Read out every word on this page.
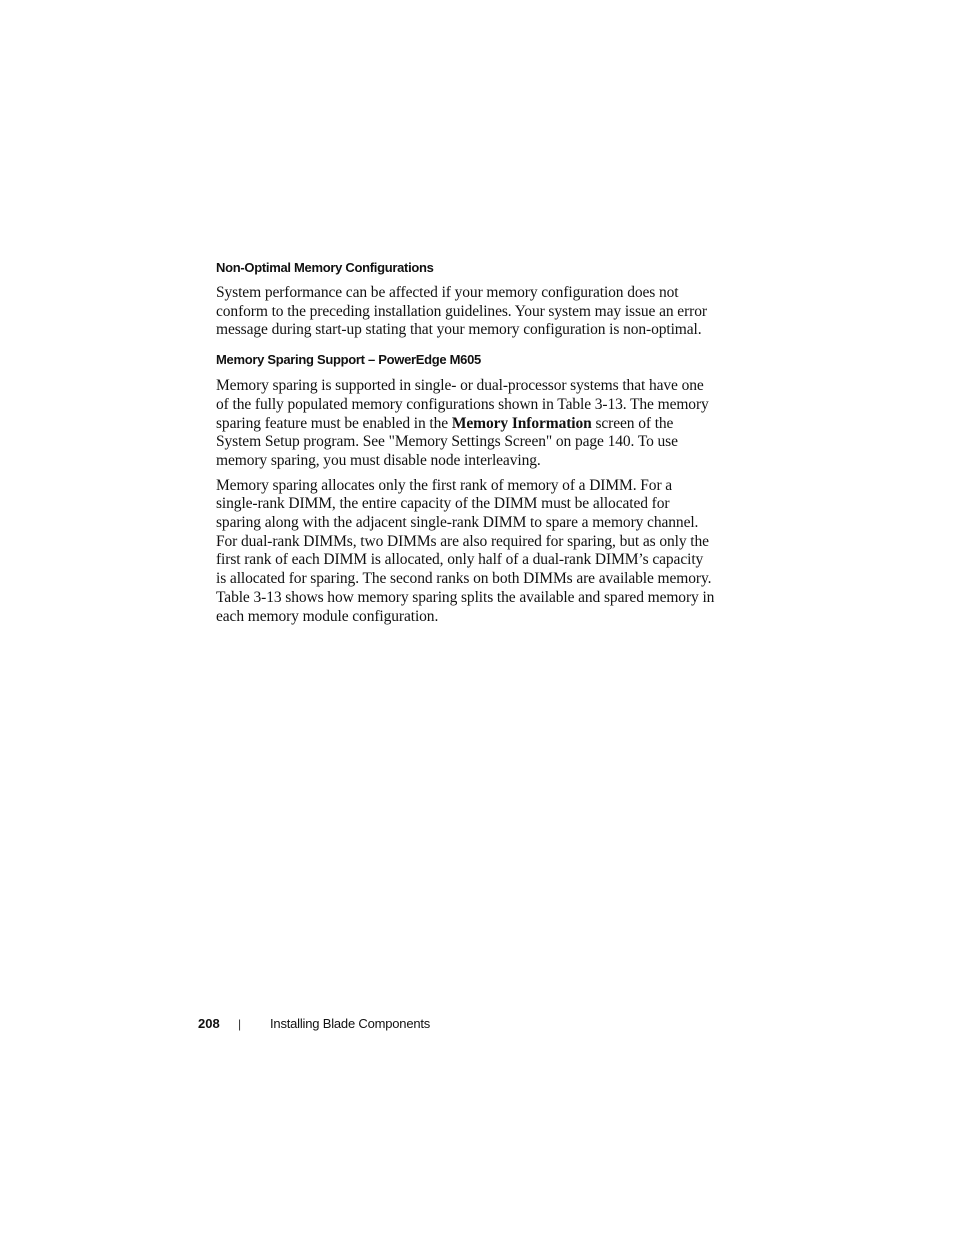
Non-Optimal Memory Configurations

System performance can be affected if your memory configuration does not conform to the preceding installation guidelines. Your system may issue an error message during start-up stating that your memory configuration is non-optimal.

Memory Sparing Support – PowerEdge M605

Memory sparing is supported in single- or dual-processor systems that have one of the fully populated memory configurations shown in Table 3-13. The memory sparing feature must be enabled in the Memory Information screen of the System Setup program. See "Memory Settings Screen" on page 140. To use memory sparing, you must disable node interleaving.

Memory sparing allocates only the first rank of memory of a DIMM. For a single-rank DIMM, the entire capacity of the DIMM must be allocated for sparing along with the adjacent single-rank DIMM to spare a memory channel. For dual-rank DIMMs, two DIMMs are also required for sparing, but as only the first rank of each DIMM is allocated, only half of a dual-rank DIMM’s capacity is allocated for sparing. The second ranks on both DIMMs are available memory. Table 3-13 shows how memory sparing splits the available and spared memory in each memory module configuration.

208	|	Installing Blade Components
